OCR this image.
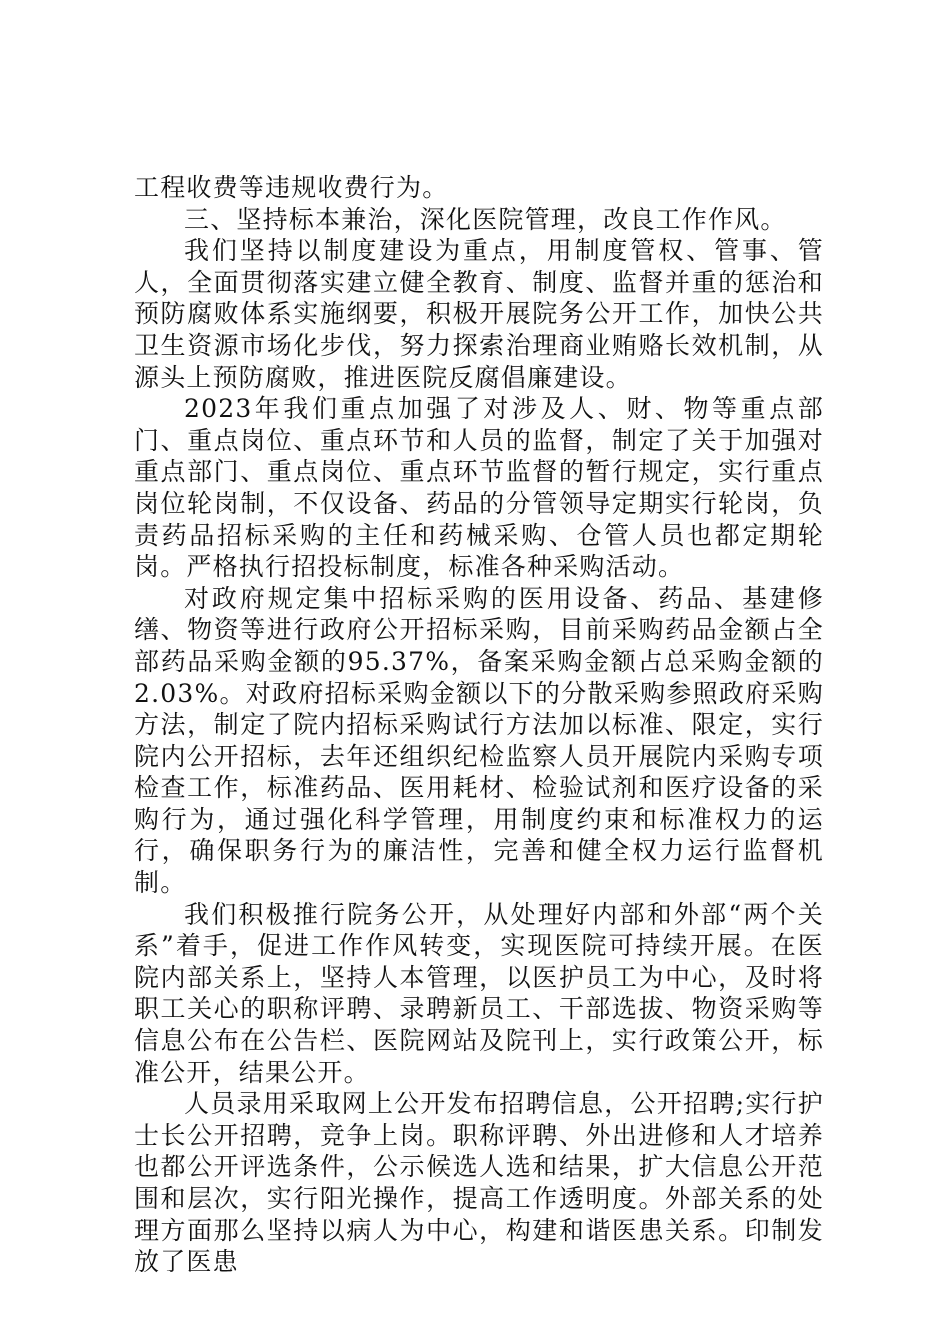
工程收费等违规收费行为。

三、坚持标本兼治，深化医院管理，改良工作作风。

我们坚持以制度建设为重点，用制度管权、管事、管人，全面贯彻落实建立健全教育、制度、监督并重的惩治和预防腐败体系实施纲要，积极开展院务公开工作，加快公共卫生资源市场化步伐，努力探索治理商业贿赂长效机制，从源头上预防腐败，推进医院反腐倡廉建设。

2023年我们重点加强了对涉及人、财、物等重点部门、重点岗位、重点环节和人员的监督，制定了关于加强对重点部门、重点岗位、重点环节监督的暂行规定，实行重点岗位轮岗制，不仅设备、药品的分管领导定期实行轮岗，负责药品招标采购的主任和药械采购、仓管人员也都定期轮岗。严格执行招投标制度，标准各种采购活动。

对政府规定集中招标采购的医用设备、药品、基建修缮、物资等进行政府公开招标采购，目前采购药品金额占全部药品采购金额的95.37%，备案采购金额占总采购金额的2.03%。对政府招标采购金额以下的分散采购参照政府采购方法，制定了院内招标采购试行方法加以标准、限定，实行院内公开招标，去年还组织纪检监察人员开展院内采购专项检查工作，标准药品、医用耗材、检验试剂和医疗设备的采购行为，通过强化科学管理，用制度约束和标准权力的运行，确保职务行为的廉洁性，完善和健全权力运行监督机制。

我们积极推行院务公开，从处理好内部和外部“两个关系”着手，促进工作作风转变，实现医院可持续开展。在医院内部关系上，坚持人本管理，以医护员工为中心，及时将职工关心的职称评聘、录聘新员工、干部选拔、物资采购等信息公布在公告栏、医院网站及院刊上，实行政策公开，标准公开，结果公开。

人员录用采取网上公开发布招聘信息，公开招聘;实行护士长公开招聘，竞争上岗。职称评聘、外出进修和人才培养也都公开评选条件，公示候选人选和结果，扩大信息公开范围和层次，实行阳光操作，提高工作透明度。外部关系的处理方面那么坚持以病人为中心，构建和谐医患关系。印制发放了医患
